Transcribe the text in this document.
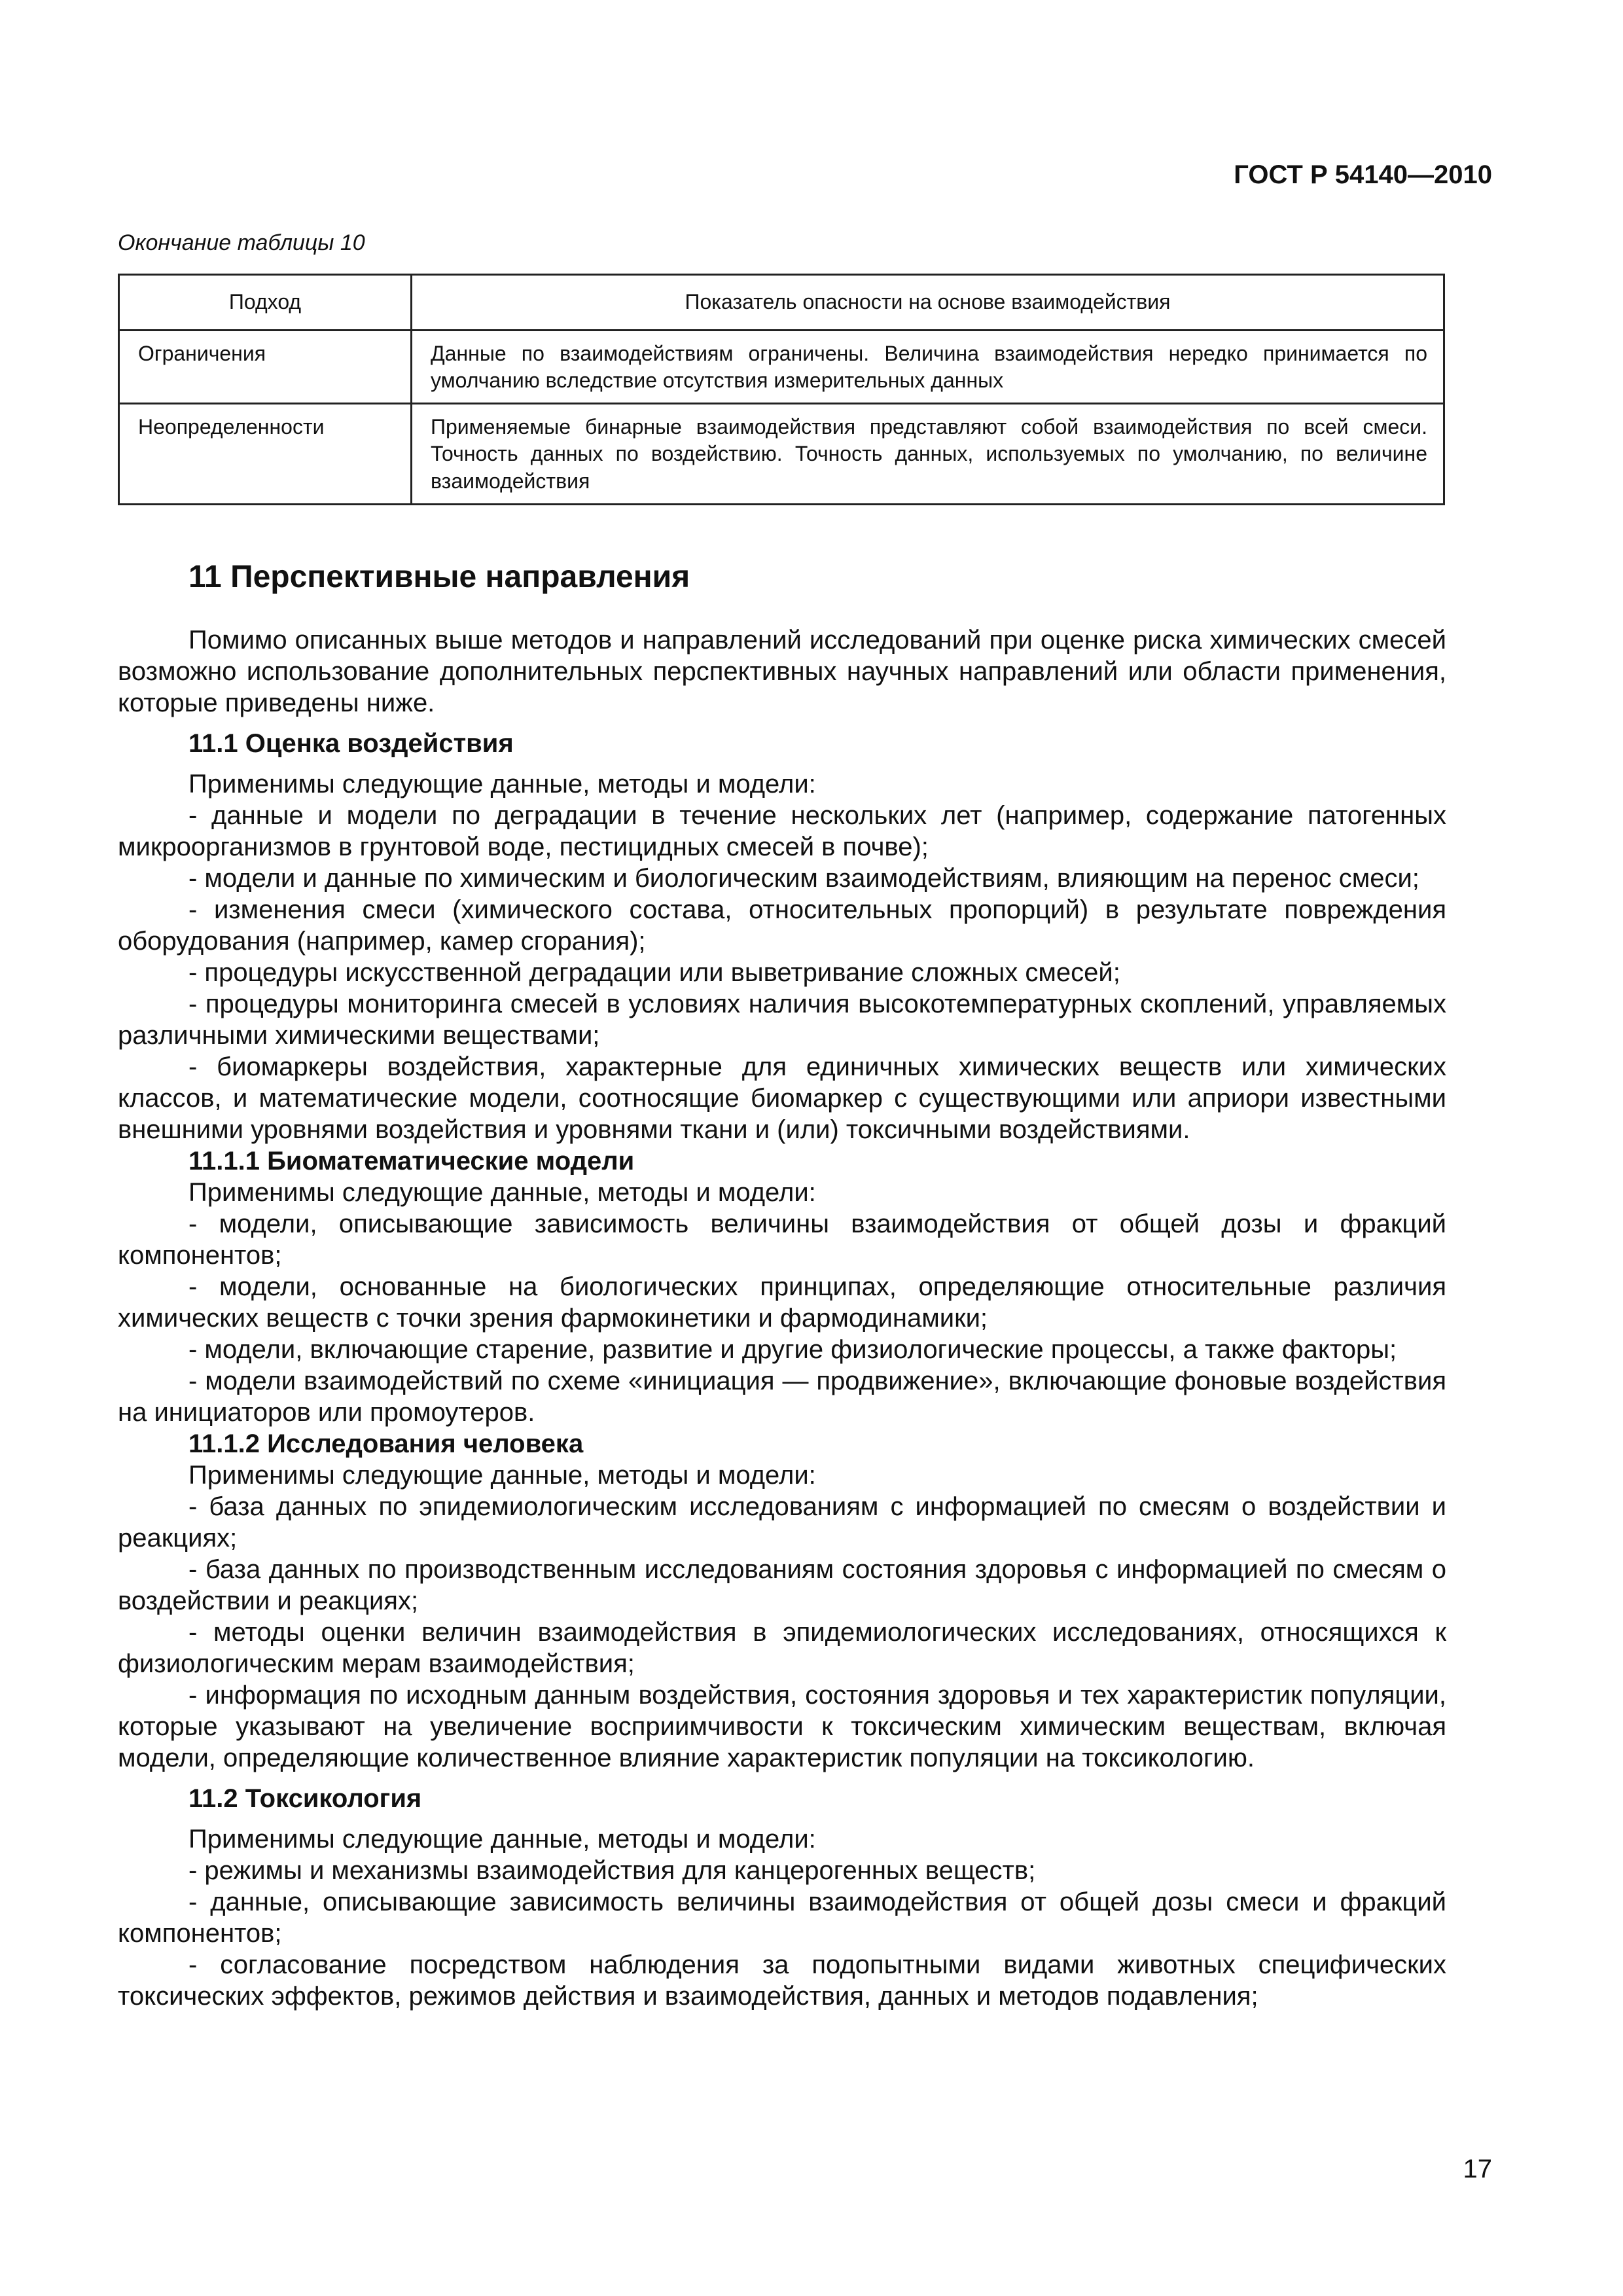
ГОСТ Р 54140—2010
Окончание таблицы 10
Подход	Показатель опасности на основе взаимодействия
Ограничения	Данные по взаимодействиям ограничены. Величина взаимодействия нередко принимается по умолчанию вследствие отсутствия измерительных данных
Неопределенности	Применяемые бинарные взаимодействия представляют собой взаимодействия по всей смеси. Точность данных по воздействию. Точность данных, используемых по умолчанию, по величине взаимодействия
11 Перспективные направления

Помимо описанных выше методов и направлений исследований при оценке риска химических смесей возможно использование дополнительных перспективных научных направлений или области применения, которые приведены ниже.

11.1 Оценка воздействия

Применимы следующие данные, методы и модели:

- данные и модели по деградации в течение нескольких лет (например, содержание патогенных микроорганизмов в грунтовой воде, пестицидных смесей в почве);

- модели и данные по химическим и биологическим взаимодействиям, влияющим на перенос смеси;

- изменения смеси (химического состава, относительных пропорций) в результате повреждения оборудования (например, камер сгорания);

- процедуры искусственной деградации или выветривание сложных смесей;

- процедуры мониторинга смесей в условиях наличия высокотемпературных скоплений, управляемых различными химическими веществами;

- биомаркеры воздействия, характерные для единичных химических веществ или химических классов, и математические модели, соотносящие биомаркер с существующими или априори известными внешними уровнями воздействия и уровнями ткани и (или) токсичными воздействиями.

11.1.1 Биоматематические модели

Применимы следующие данные, методы и модели:

- модели, описывающие зависимость величины взаимодействия от общей дозы и фракций компонентов;

- модели, основанные на биологических принципах, определяющие относительные различия химических веществ с точки зрения фармокинетики и фармодинамики;

- модели, включающие старение, развитие и другие физиологические процессы, а также факторы;

- модели взаимодействий по схеме «инициация — продвижение», включающие фоновые воздействия на инициаторов или промоутеров.

11.1.2 Исследования человека

Применимы следующие данные, методы и модели:

- база данных по эпидемиологическим исследованиям с информацией по смесям о воздействии и реакциях;

- база данных по производственным исследованиям состояния здоровья с информацией по смесям о воздействии и реакциях;

- методы оценки величин взаимодействия в эпидемиологических исследованиях, относящихся к физиологическим мерам взаимодействия;

- информация по исходным данным воздействия, состояния здоровья и тех характеристик популяции, которые указывают на увеличение восприимчивости к токсическим химическим веществам, включая модели, определяющие количественное влияние характеристик популяции на токсикологию.

11.2 Токсикология

Применимы следующие данные, методы и модели:

- режимы и механизмы взаимодействия для канцерогенных веществ;

- данные, описывающие зависимость величины взаимодействия от общей дозы смеси и фракций компонентов;

- согласование посредством наблюдения за подопытными видами животных специфических токсических эффектов, режимов действия и взаимодействия, данных и методов подавления;

17
